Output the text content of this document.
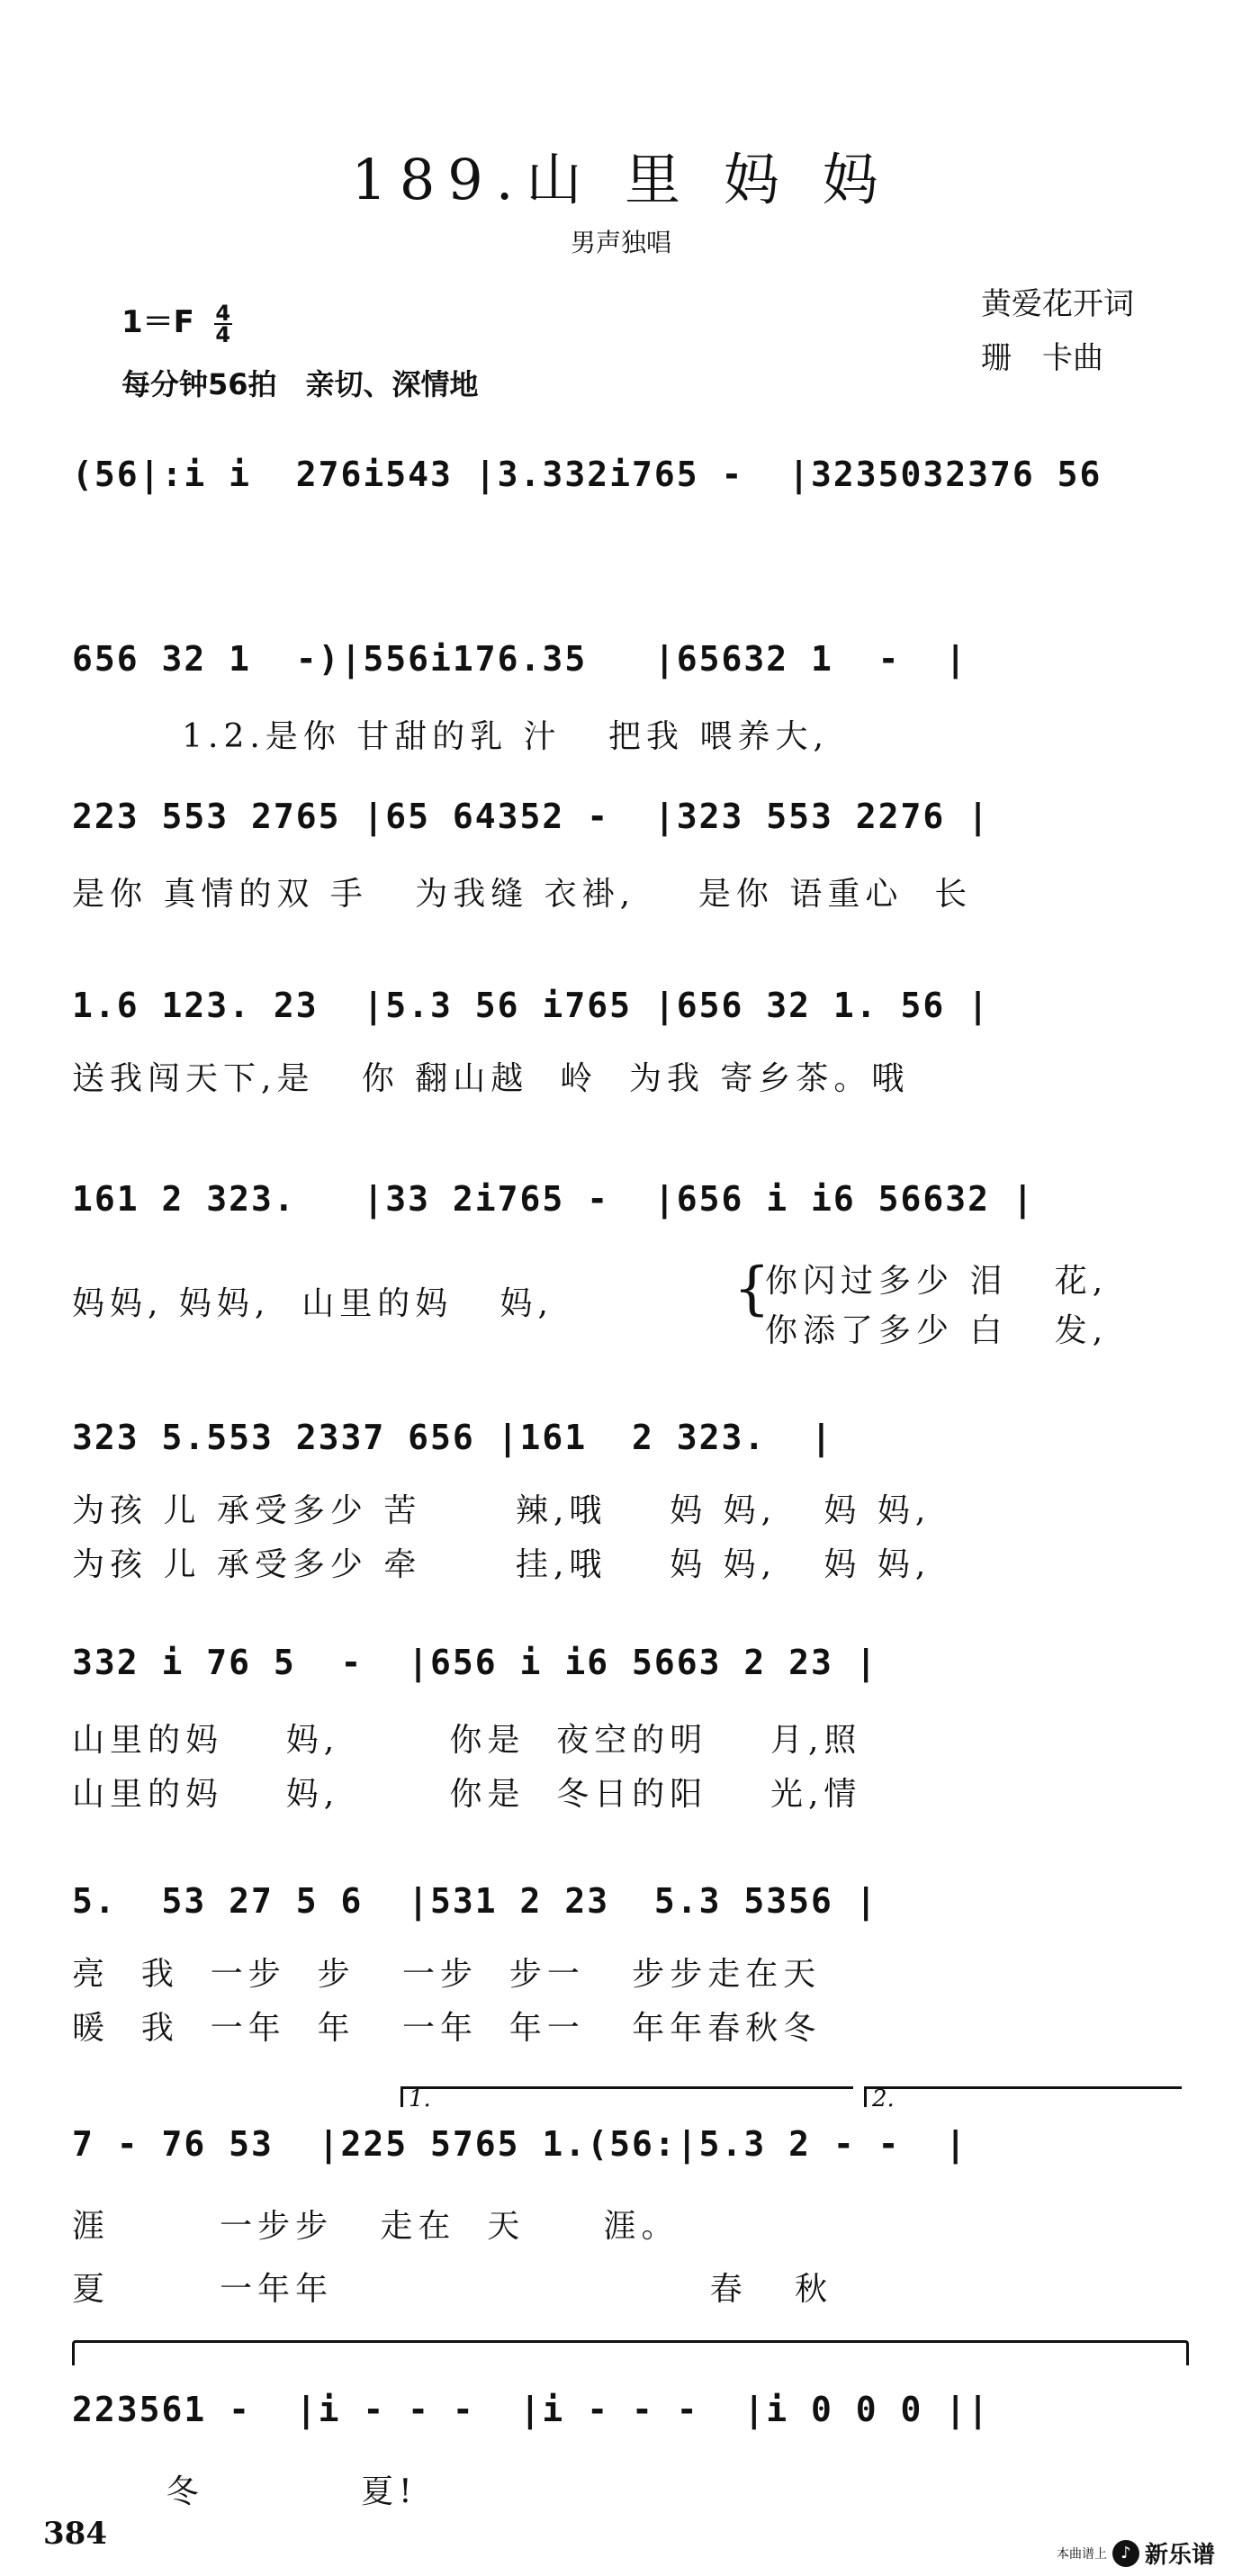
189.山 里 妈 妈
男声独唱
$1=F \frac{4}{4}$
每分钟56拍　亲切、深情地
黄爱花开词
珊　卡曲
(56|:i i  276i543 |3.332i765 -  |3235032376 56
656 32 1  -)|556i176.35   |65632 1  -  |
1.2.是你 甘甜的乳 汁   把我 喂养大,
223 553 2765 |65 64352 -  |323 553 2276 |
是你 真情的双 手   为我缝 衣褂,    是你 语重心  长
1.6 123. 23  |5.3 56 i765 |656 32 1. 56 |
送我闯天下,是   你 翻山越  岭  为我 寄乡茶。哦
161 2 323.   |33 2i765 -  |656 i i6 56632 |
妈妈, 妈妈,  山里的妈   妈,	{
你闪过多少 泪   花,
你添了多少 白   发,
323 5.553 2337 656 |161  2 323.  |
为孩 儿 承受多少 苦      辣,哦    妈 妈,   妈 妈,
为孩 儿 承受多少 牵      挂,哦    妈 妈,   妈 妈,
332 i 76 5  -  |656 i i6 5663 2 23 |
山里的妈    妈,       你是  夜空的明    月,照
山里的妈    妈,       你是  冬日的阳    光,情
5.  53 27 5 6  |531 2 23  5.3 5356 |
亮  我  一步  步   一步  步一   步步走在天
暖  我  一年  年   一年  年一   年年春秋冬
1.	2.
7 - 76 53  |225 5765 1.(56:|5.3 2 - -  |
涯       一步步   走在  天     涯。
夏       一年年                        春   秋
223561 -  |i - - -  |i - - -  |i 0 0 0 ||
冬          夏!
384
本曲谱上 ♪ 新乐谱
